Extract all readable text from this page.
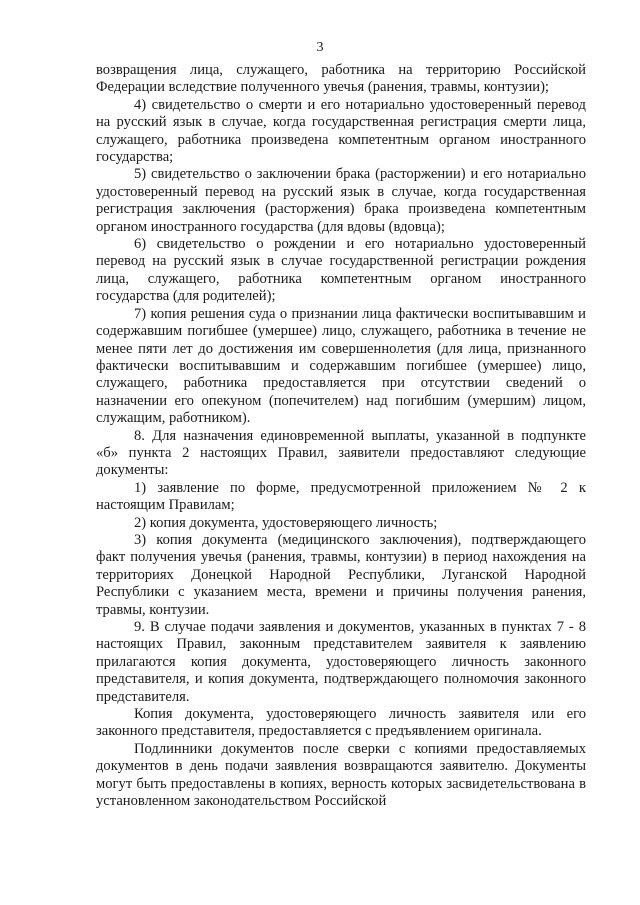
3

возвращения лица, служащего, работника на территорию Российской Федерации вследствие полученного увечья (ранения, травмы, контузии);

4) свидетельство о смерти и его нотариально удостоверенный перевод на русский язык в случае, когда государственная регистрация смерти лица, служащего, работника произведена компетентным органом иностранного государства;

5) свидетельство о заключении брака (расторжении) и его нотариально удостоверенный перевод на русский язык в случае, когда государственная регистрация заключения (расторжения) брака произведена компетентным органом иностранного государства (для вдовы (вдовца);

6) свидетельство о рождении и его нотариально удостоверенный перевод на русский язык в случае государственной регистрации рождения лица, служащего, работника компетентным органом иностранного государства (для родителей);

7) копия решения суда о признании лица фактически воспитывавшим и содержавшим погибшее (умершее) лицо, служащего, работника в течение не менее пяти лет до достижения им совершеннолетия (для лица, признанного фактически воспитывавшим и содержавшим погибшее (умершее) лицо, служащего, работника предоставляется при отсутствии сведений о назначении его опекуном (попечителем) над погибшим (умершим) лицом, служащим, работником).

8. Для назначения единовременной выплаты, указанной в подпункте «б» пункта 2 настоящих Правил, заявители предоставляют следующие документы:

1) заявление по форме, предусмотренной приложением № 2 к настоящим Правилам;

2) копия документа, удостоверяющего личность;

3) копия документа (медицинского заключения), подтверждающего факт получения увечья (ранения, травмы, контузии) в период нахождения на территориях Донецкой Народной Республики, Луганской Народной Республики с указанием места, времени и причины получения ранения, травмы, контузии.

9. В случае подачи заявления и документов, указанных в пунктах 7 - 8 настоящих Правил, законным представителем заявителя к заявлению прилагаются копия документа, удостоверяющего личность законного представителя, и копия документа, подтверждающего полномочия законного представителя.

Копия документа, удостоверяющего личность заявителя или его законного представителя, предоставляется с предъявлением оригинала.

Подлинники документов после сверки с копиями предоставляемых документов в день подачи заявления возвращаются заявителю. Документы могут быть предоставлены в копиях, верность которых засвидетельствована в установленном законодательством Российской
